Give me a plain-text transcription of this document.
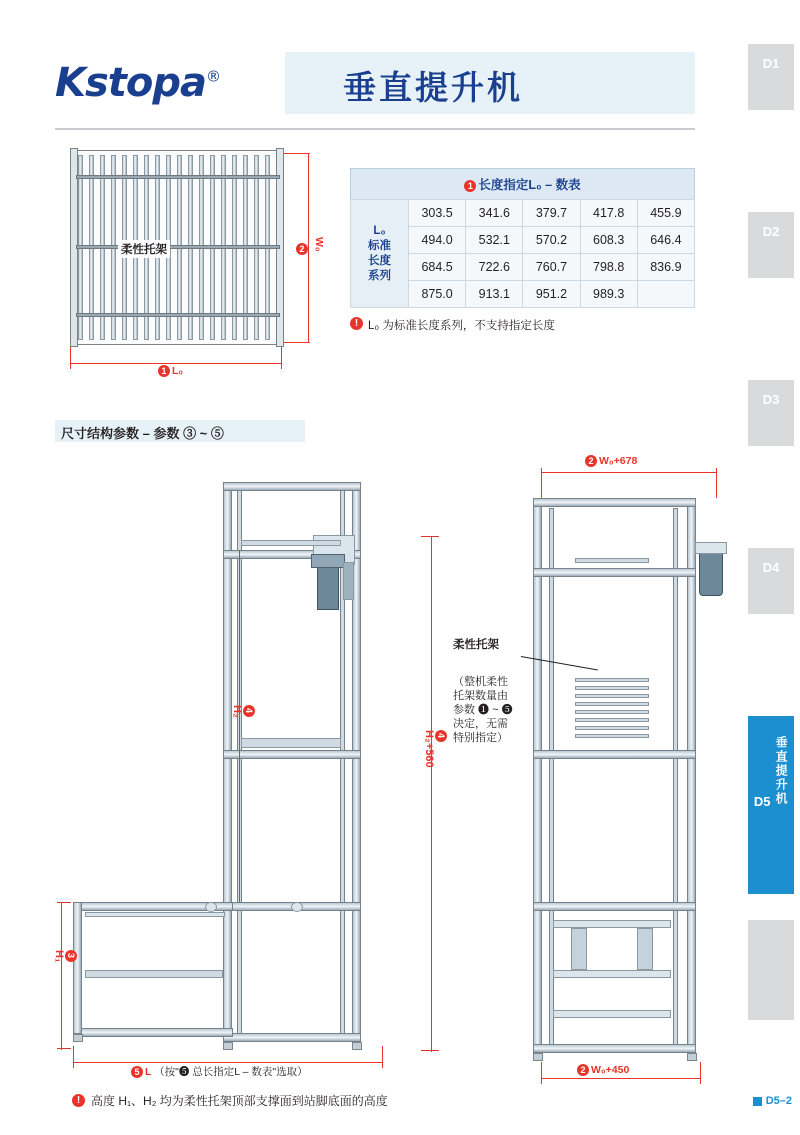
Kstopa®	垂直提升机
柔性托架	2 W₀
1 L₀
1 长度指定L₀ – 数表
L₀
标准
长度
系列	303.5	341.6	379.7	417.8	455.9
	494.0	532.1	570.2	608.3	646.4
	684.5	722.6	760.7	798.8	836.9
	875.0	913.1	951.2	989.3	
! L₀ 为标准长度系列，不支持指定长度
尺寸结构参数 – 参数 ③ ~ ⑤
3
H₁
4
H₂
4
H₂+560
5 L （按"❺ 总长指定L – 数表"选取）
2 W₀+678
2 W₀+450
柔性托架
（整机柔性
托架数量由
参数 ❶ ~ ❺
决定，无需
特别指定）
! 高度 H₁、H₂ 均为柔性托架顶部支撑面到站脚底面的高度
D1
D2
D3
D4
D5 垂直提升机
D5–2
